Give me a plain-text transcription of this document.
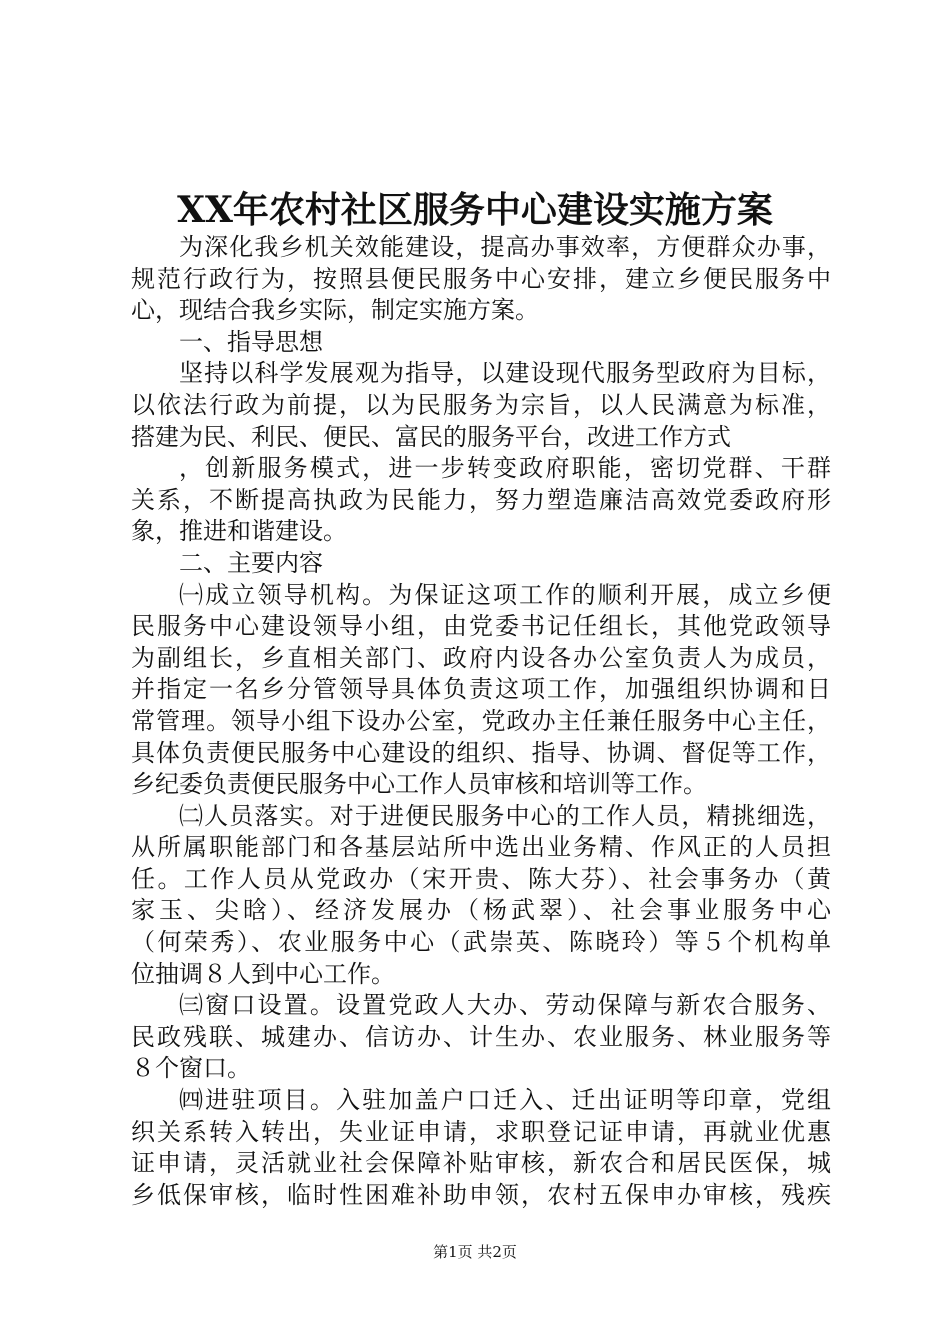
XX年农村社区服务中心建设实施方案
为深化我乡机关效能建设，提高办事效率，方便群众办事，
规范行政行为，按照县便民服务中心安排，建立乡便民服务中
心，现结合我乡实际，制定实施方案。
一、指导思想
坚持以科学发展观为指导，以建设现代服务型政府为目标，
以依法行政为前提，以为民服务为宗旨，以人民满意为标准，
搭建为民、利民、便民、富民的服务平台，改进工作方式
，创新服务模式，进一步转变政府职能，密切党群、干群
关系，不断提高执政为民能力，努力塑造廉洁高效党委政府形
象，推进和谐建设。
二、主要内容
㈠成立领导机构。为保证这项工作的顺利开展，成立乡便
民服务中心建设领导小组，由党委书记任组长，其他党政领导
为副组长，乡直相关部门、政府内设各办公室负责人为成员，
并指定一名乡分管领导具体负责这项工作，加强组织协调和日
常管理。领导小组下设办公室，党政办主任兼任服务中心主任，
具体负责便民服务中心建设的组织、指导、协调、督促等工作，
乡纪委负责便民服务中心工作人员审核和培训等工作。
㈡人员落实。对于进便民服务中心的工作人员，精挑细选，
从所属职能部门和各基层站所中选出业务精、作风正的人员担
任。工作人员从党政办（宋开贵、陈大芬）、社会事务办（黄
家玉、尖晗）、经济发展办（杨武翠）、社会事业服务中心
（何荣秀）、农业服务中心（武崇英、陈晓玲）等５个机构单
位抽调８人到中心工作。
㈢窗口设置。设置党政人大办、劳动保障与新农合服务、
民政残联、城建办、信访办、计生办、农业服务、林业服务等
８个窗口。
㈣进驻项目。入驻加盖户口迁入、迁出证明等印章，党组
织关系转入转出，失业证申请，求职登记证申请，再就业优惠
证申请，灵活就业社会保障补贴审核，新农合和居民医保，城
乡低保审核，临时性困难补助申领，农村五保申办审核，残疾
第1页 共2页
